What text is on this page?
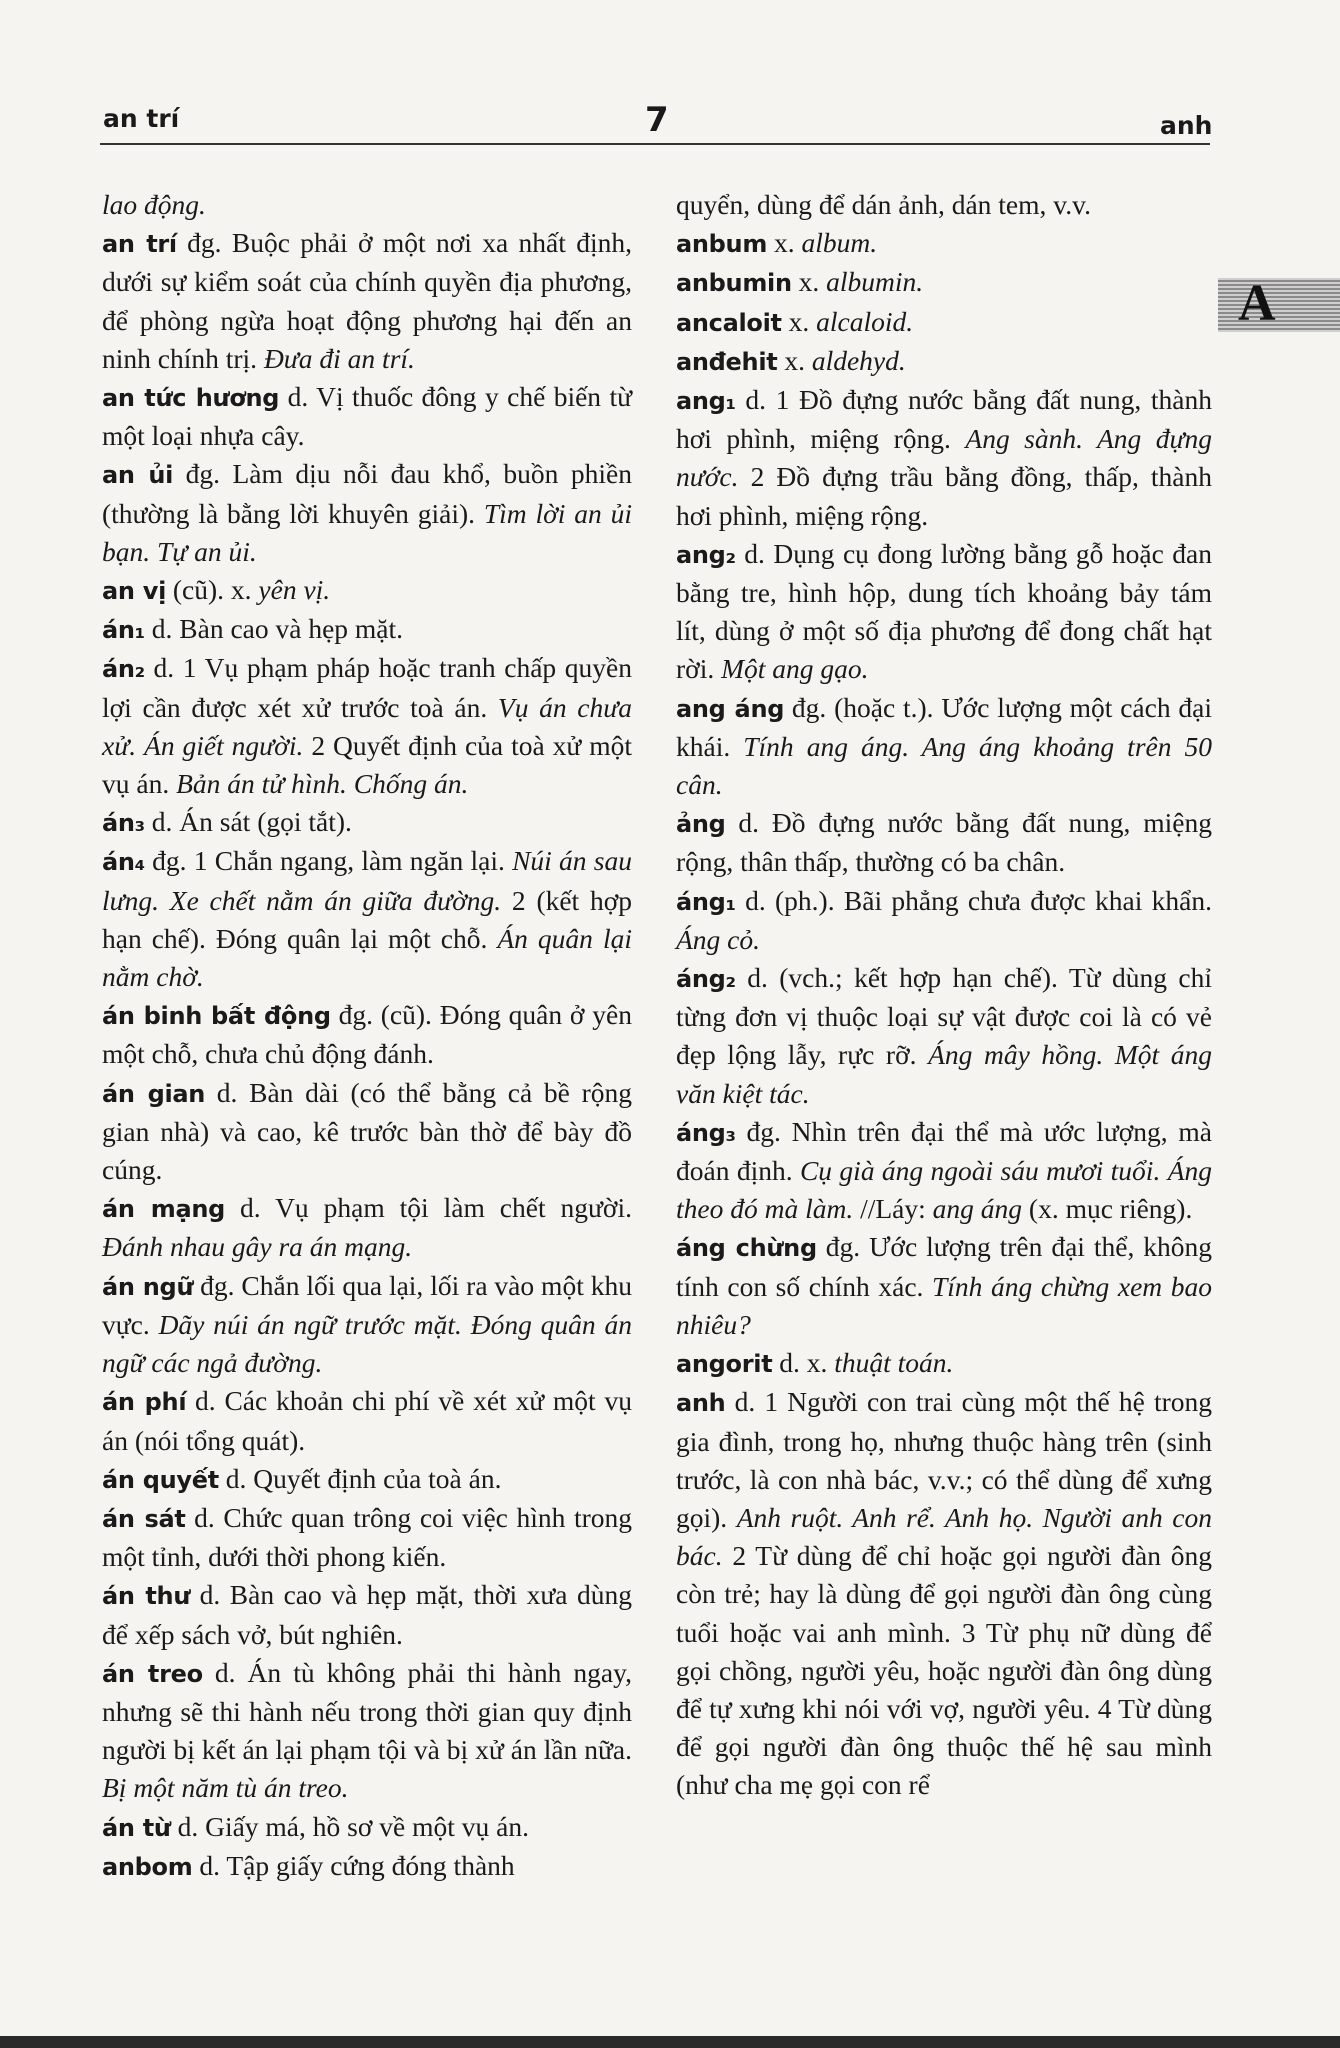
an trí	7	anh
A

lao động.

an trí đg. Buộc phải ở một nơi xa nhất định, dưới sự kiểm soát của chính quyền địa phương, để phòng ngừa hoạt động phương hại đến an ninh chính trị. Đưa đi an trí.

an tức hương d. Vị thuốc đông y chế biến từ một loại nhựa cây.

an ủi đg. Làm dịu nỗi đau khổ, buồn phiền (thường là bằng lời khuyên giải). Tìm lời an ủi bạn. Tự an ủi.

an vị (cũ). x. yên vị.

án₁ d. Bàn cao và hẹp mặt.

án₂ d. 1 Vụ phạm pháp hoặc tranh chấp quyền lợi cần được xét xử trước toà án. Vụ án chưa xử. Án giết người. 2 Quyết định của toà xử một vụ án. Bản án tử hình. Chống án.

án₃ d. Án sát (gọi tắt).

án₄ đg. 1 Chắn ngang, làm ngăn lại. Núi án sau lưng. Xe chết nằm án giữa đường. 2 (kết hợp hạn chế). Đóng quân lại một chỗ. Án quân lại nằm chờ.

án binh bất động đg. (cũ). Đóng quân ở yên một chỗ, chưa chủ động đánh.

án gian d. Bàn dài (có thể bằng cả bề rộng gian nhà) và cao, kê trước bàn thờ để bày đồ cúng.

án mạng d. Vụ phạm tội làm chết người. Đánh nhau gây ra án mạng.

án ngữ đg. Chắn lối qua lại, lối ra vào một khu vực. Dãy núi án ngữ trước mặt. Đóng quân án ngữ các ngả đường.

án phí d. Các khoản chi phí về xét xử một vụ án (nói tổng quát).

án quyết d. Quyết định của toà án.

án sát d. Chức quan trông coi việc hình trong một tỉnh, dưới thời phong kiến.

án thư d. Bàn cao và hẹp mặt, thời xưa dùng để xếp sách vở, bút nghiên.

án treo d. Án tù không phải thi hành ngay, nhưng sẽ thi hành nếu trong thời gian quy định người bị kết án lại phạm tội và bị xử án lần nữa. Bị một năm tù án treo.

án từ d. Giấy má, hồ sơ về một vụ án.

anbom d. Tập giấy cứng đóng thành

quyển, dùng để dán ảnh, dán tem, v.v.

anbum x. album.

anbumin x. albumin.

ancaloit x. alcaloid.

anđehit x. aldehyd.

ang₁ d. 1 Đồ đựng nước bằng đất nung, thành hơi phình, miệng rộng. Ang sành. Ang đựng nước. 2 Đồ đựng trầu bằng đồng, thấp, thành hơi phình, miệng rộng.

ang₂ d. Dụng cụ đong lường bằng gỗ hoặc đan bằng tre, hình hộp, dung tích khoảng bảy tám lít, dùng ở một số địa phương để đong chất hạt rời. Một ang gạo.

ang áng đg. (hoặc t.). Ước lượng một cách đại khái. Tính ang áng. Ang áng khoảng trên 50 cân.

ảng d. Đồ đựng nước bằng đất nung, miệng rộng, thân thấp, thường có ba chân.

áng₁ d. (ph.). Bãi phẳng chưa được khai khẩn. Áng cỏ.

áng₂ d. (vch.; kết hợp hạn chế). Từ dùng chỉ từng đơn vị thuộc loại sự vật được coi là có vẻ đẹp lộng lẫy, rực rỡ. Áng mây hồng. Một áng văn kiệt tác.

áng₃ đg. Nhìn trên đại thể mà ước lượng, mà đoán định. Cụ già áng ngoài sáu mươi tuổi. Áng theo đó mà làm. //Láy: ang áng (x. mục riêng).

áng chừng đg. Ước lượng trên đại thể, không tính con số chính xác. Tính áng chừng xem bao nhiêu?

angorit d. x. thuật toán.

anh d. 1 Người con trai cùng một thế hệ trong gia đình, trong họ, nhưng thuộc hàng trên (sinh trước, là con nhà bác, v.v.; có thể dùng để xưng gọi). Anh ruột. Anh rể. Anh họ. Người anh con bác. 2 Từ dùng để chỉ hoặc gọi người đàn ông còn trẻ; hay là dùng để gọi người đàn ông cùng tuổi hoặc vai anh mình. 3 Từ phụ nữ dùng để gọi chồng, người yêu, hoặc người đàn ông dùng để tự xưng khi nói với vợ, người yêu. 4 Từ dùng để gọi người đàn ông thuộc thế hệ sau mình (như cha mẹ gọi con rể
